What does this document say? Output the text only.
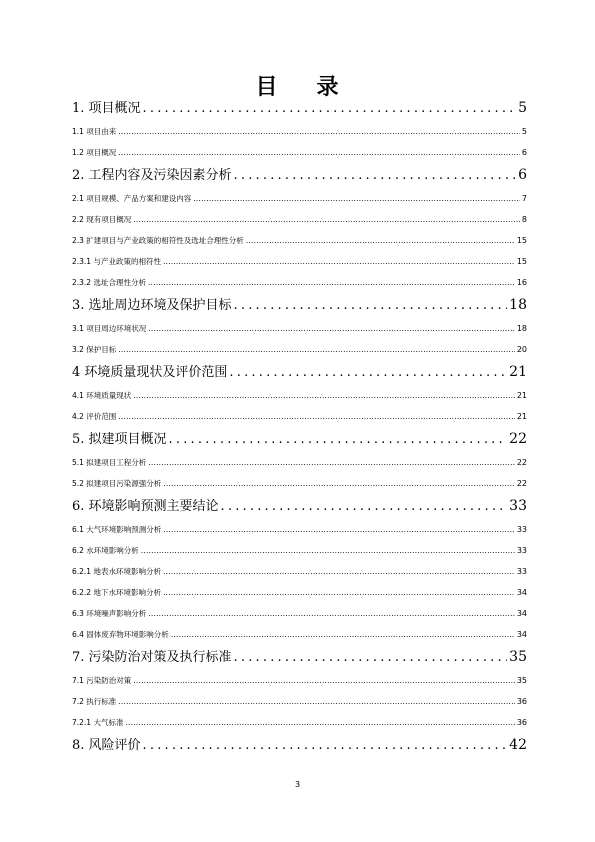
目 录
1. 项目概况 .....	5
1.1 项目由来 .....	5
1.2 项目概况 .....	6
2. 工程内容及污染因素分析 .....	6
2.1 项目规模、产品方案和建设内容 .....	7
2.2 现有项目概况 .....	8
2.3 扩建项目与产业政策的相符性及选址合理性分析 .....	15
2.3.1 与产业政策的相符性 .....	15
2.3.2 选址合理性分析 .....	16
3. 选址周边环境及保护目标 .....	18
3.1 项目周边环境状况 .....	18
3.2 保护目标 .....	20
4 环境质量现状及评价范围 .....	21
4.1 环境质量现状 .....	21
4.2 评价范围 .....	21
5. 拟建项目概况 .....	22
5.1 拟建项目工程分析 .....	22
5.2 拟建项目污染源强分析 .....	22
6. 环境影响预测主要结论 .....	33
6.1 大气环境影响预测分析 .....	33
6.2 水环境影响分析 .....	33
6.2.1 地表水环境影响分析 .....	33
6.2.2 地下水环境影响分析 .....	34
6.3 环境噪声影响分析 .....	34
6.4 固体废弃物环境影响分析 .....	34
7. 污染防治对策及执行标准 .....	35
7.1 污染防治对策 .....	35
7.2 执行标准 .....	36
7.2.1 大气标准 .....	36
8. 风险评价 .....	42
3
